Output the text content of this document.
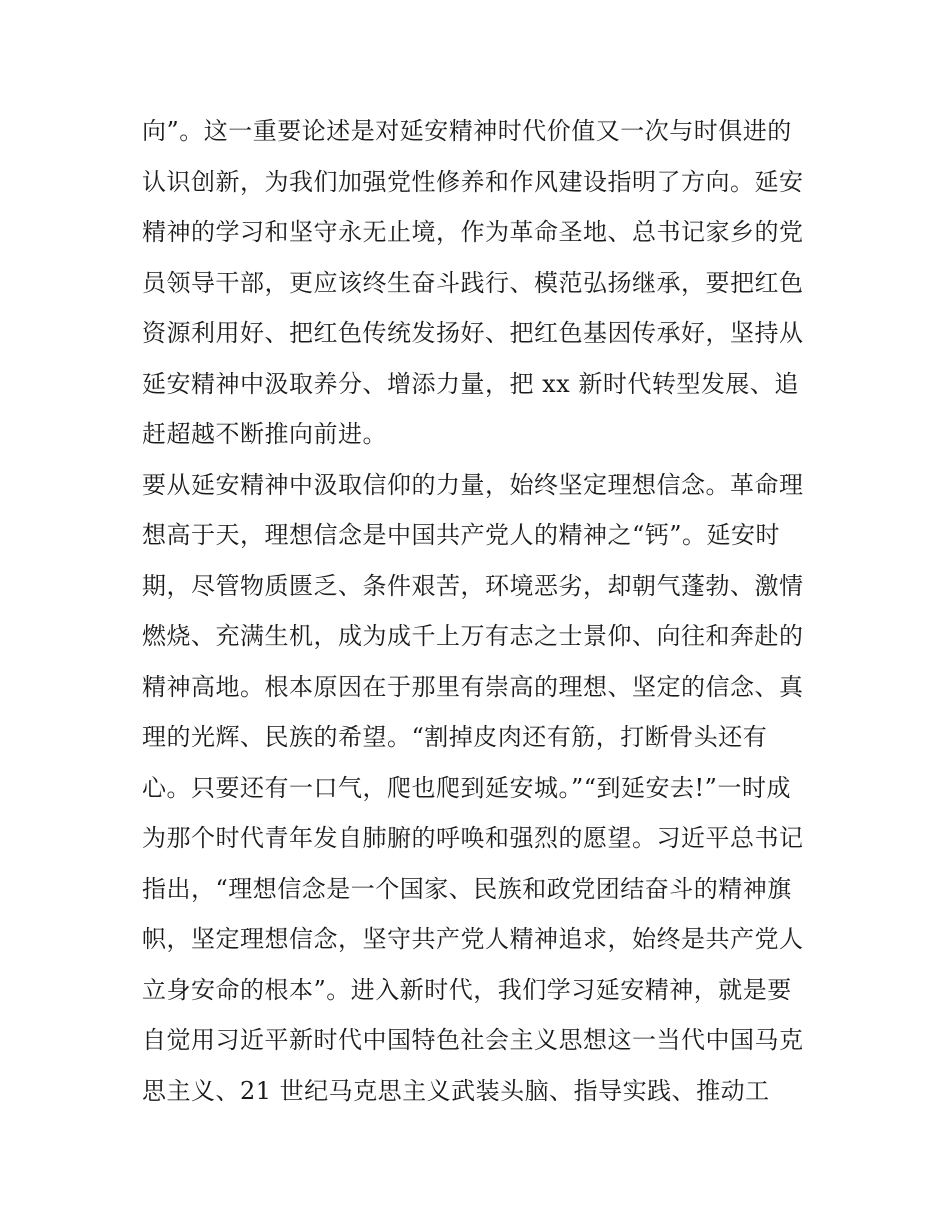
向”。这一重要论述是对延安精神时代价值又一次与时俱进的
认识创新，为我们加强党性修养和作风建设指明了方向。延安
精神的学习和坚守永无止境，作为革命圣地、总书记家乡的党
员领导干部，更应该终生奋斗践行、模范弘扬继承，要把红色
资源利用好、把红色传统发扬好、把红色基因传承好，坚持从
延安精神中汲取养分、增添力量，把 xx 新时代转型发展、追
赶超越不断推向前进。
要从延安精神中汲取信仰的力量，始终坚定理想信念。革命理
想高于天，理想信念是中国共产党人的精神之“钙”。延安时
期，尽管物质匮乏、条件艰苦，环境恶劣，却朝气蓬勃、激情
燃烧、充满生机，成为成千上万有志之士景仰、向往和奔赴的
精神高地。根本原因在于那里有崇高的理想、坚定的信念、真
理的光辉、民族的希望。“割掉皮肉还有筋，打断骨头还有
心。只要还有一口气，爬也爬到延安城。”“到延安去!”一时成
为那个时代青年发自肺腑的呼唤和强烈的愿望。习近平总书记
指出，“理想信念是一个国家、民族和政党团结奋斗的精神旗
帜，坚定理想信念，坚守共产党人精神追求，始终是共产党人
立身安命的根本”。进入新时代，我们学习延安精神，就是要
自觉用习近平新时代中国特色社会主义思想这一当代中国马克
思主义、21 世纪马克思主义武装头脑、指导实践、推动工
